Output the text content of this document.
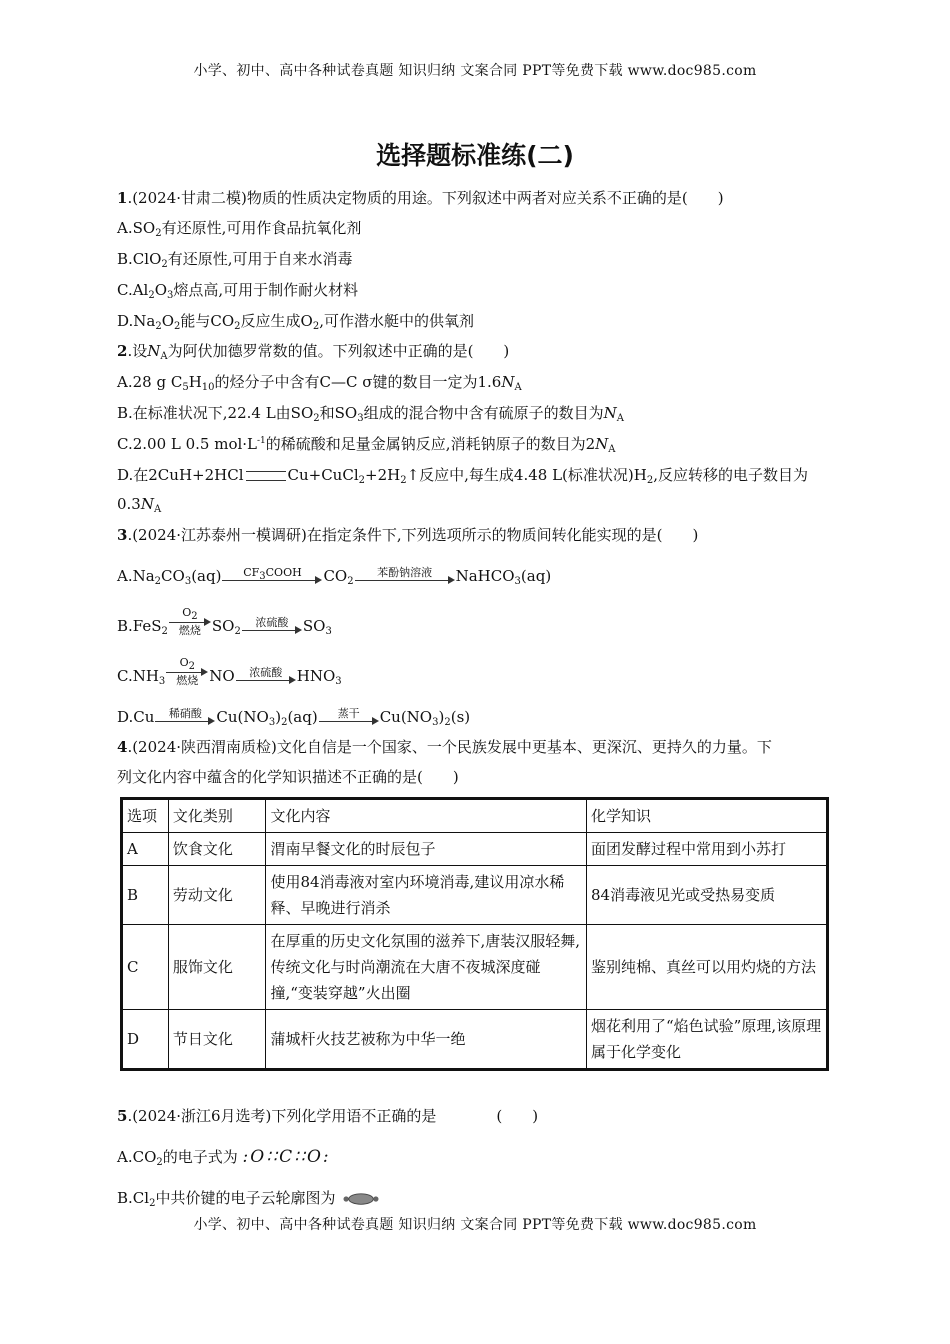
小学、初中、高中各种试卷真题 知识归纳 文案合同 PPT等免费下载 www.doc985.com
选择题标准练(二)
1.(2024·甘肃二模)物质的性质决定物质的用途。下列叙述中两者对应关系不正确的是(　　)
$A.SO_2$有还原性,可用作食品抗氧化剂
B.ClO$_2$有还原性,可用于自来水消毒
$C.Al_2O_3$熔点高,可用于制作耐火材料
$D.Na_2O_2$能与$CO_2$反应生成$O_2$,可作潜水艇中的供氧剂
2.设$N_A$为阿伏加德罗常数的值。下列叙述中正确的是(　　)
A.28 g $C_5H_{10}$的烃分子中含有C—C σ键的数目一定为$1.6N_A$
B.在标准状况下,22.4 L由$SO_2$和$SO_3$组成的混合物中含有硫原子的数目为$N_A$
C.2.00 L 0.5 $mol\cdot L^{-1}$的稀硫酸和足量金属钠反应,消耗钠原子的数目为$2N_A$
D.在2CuH+2HCl	$Cu+CuCl_2+2H_2↑$反应中,每生成4.48 L(标准状况)$H_2$,反应转移的电子数目为
$0.3N_A$
3.(2024·江苏泰州一模调研)在指定条件下,下列选项所示的物质间转化能实现的是(　　)
$A.Na_2CO_3(aq)$	$CF_3COOH$	$CO_2$
苯酚钠溶液	NaHCO$_3$(aq)
B.FeS$_2$
$O_2$
燃烧 $SO_2$
浓硫酸 $SO_3$
$C.NH_3$
$O_2$
燃烧 NO	浓硫酸 $HNO_3$
D.Cu	稀硝酸 $Cu(NO_3)_2(aq)$	蒸干	$Cu(NO_3)_2(s)$
4.(2024·陕西渭南质检)文化自信是一个国家、一个民族发展中更基本、更深沉、更持久的力量。下
列文化内容中蕴含的化学知识描述不正确的是(　　)
选项	文化类别	文化内容	化学知识
A	饮食文化	渭南早餐文化的时辰包子	面团发酵过程中常用到小苏打
B	劳动文化	使用84消毒液对室内环境消毒,建议用凉水稀释、早晚进行消杀	84消毒液见光或受热易变质
C	服饰文化	在厚重的历史文化氛围的滋养下,唐装汉服轻舞,传统文化与时尚潮流在大唐不夜城深度碰撞,“变装穿越”火出圈	鉴别纯棉、真丝可以用灼烧的方法
D	节日文化	蒲城杆火技艺被称为中华一绝	烟花利用了“焰色试验”原理,该原理属于化学变化
5.(2024·浙江6月选考)下列化学用语不正确的是　　　　(　　)
$A.CO_2$的电子式为 :O∶∶C∶∶O:
$B.Cl_2$中共价键的电子云轮廓图为
小学、初中、高中各种试卷真题 知识归纳 文案合同 PPT等免费下载 www.doc985.com
